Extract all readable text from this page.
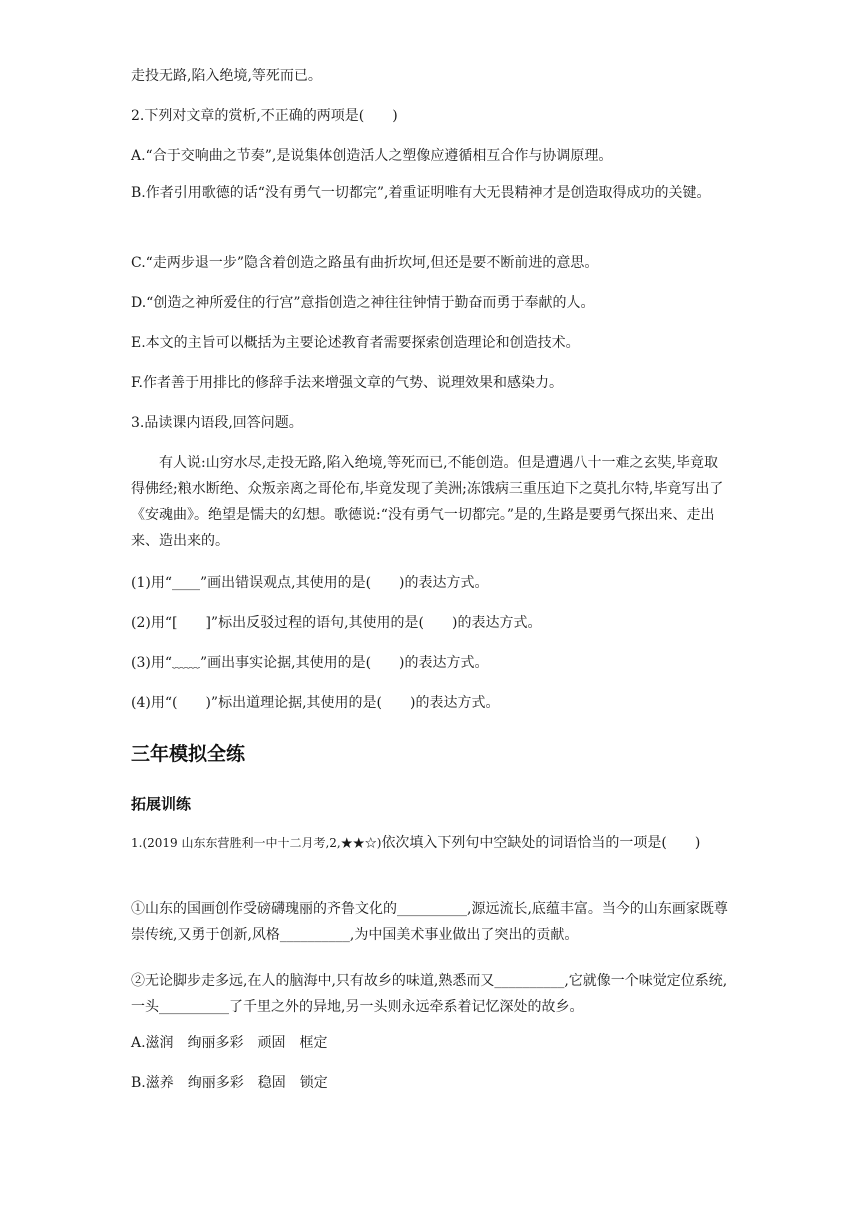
走投无路,陷入绝境,等死而已。
2.下列对文章的赏析,不正确的两项是(　　)
A.“合于交响曲之节奏”,是说集体创造活人之塑像应遵循相互合作与协调原理。
B.作者引用歌德的话“没有勇气一切都完”,着重证明唯有大无畏精神才是创造取得成功的关键。
C.“走两步退一步”隐含着创造之路虽有曲折坎坷,但还是要不断前进的意思。
D.“创造之神所爱住的行宫”意指创造之神往往钟情于勤奋而勇于奉献的人。
E.本文的主旨可以概括为主要论述教育者需要探索创造理论和创造技术。
F.作者善于用排比的修辞手法来增强文章的气势、说理效果和感染力。
3.品读课内语段,回答问题。
有人说:山穷水尽,走投无路,陷入绝境,等死而已,不能创造。但是遭遇八十一难之玄奘,毕竟取得佛经;粮水断绝、众叛亲离之哥伦布,毕竟发现了美洲;冻饿病三重压迫下之莫扎尔特,毕竟写出了《安魂曲》。绝望是懦夫的幻想。歌德说:“没有勇气一切都完。”是的,生路是要勇气探出来、走出来、造出来的。
(1)用“____”画出错误观点,其使用的是(　　)的表达方式。
(2)用“[　　]”标出反驳过程的语句,其使用的是(　　)的表达方式。
(3)用“﹏﹏”画出事实论据,其使用的是(　　)的表达方式。
(4)用“(　　)”标出道理论据,其使用的是(　　)的表达方式。
三年模拟全练
拓展训练
1.(2019 山东东营胜利一中十二月考,2,★★☆)依次填入下列句中空缺处的词语恰当的一项是(　　)
①山东的国画创作受磅礴瑰丽的齐鲁文化的__________,源远流长,底蕴丰富。当今的山东画家既尊崇传统,又勇于创新,风格__________,为中国美术事业做出了突出的贡献。
②无论脚步走多远,在人的脑海中,只有故乡的味道,熟悉而又__________,它就像一个味觉定位系统,一头__________了千里之外的异地,另一头则永远牵系着记忆深处的故乡。
A.滋润　绚丽多彩　顽固　框定
B.滋养　绚丽多彩　稳固　锁定
